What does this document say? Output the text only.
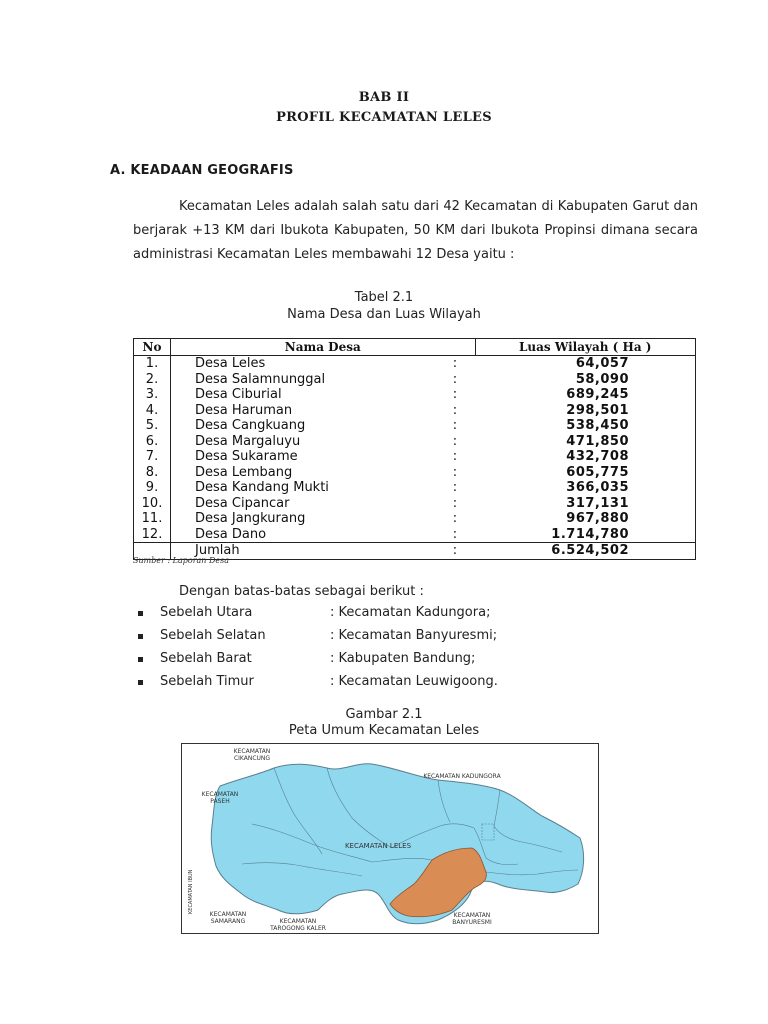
BAB II
PROFIL KECAMATAN LELES
A. KEADAAN GEOGRAFIS
Kecamatan Leles adalah salah satu dari 42 Kecamatan di Kabupaten Garut dan berjarak +13 KM dari Ibukota Kabupaten, 50 KM dari Ibukota Propinsi dimana secara administrasi Kecamatan Leles membawahi 12 Desa yaitu :
Tabel 2.1
Nama Desa dan Luas Wilayah
No	Nama Desa		Luas Wilayah ( Ha )
1.	Desa Leles	:	64,057
2.	Desa Salamnunggal	:	58,090
3.	Desa Ciburial	:	689,245
4.	Desa Haruman	:	298,501
5.	Desa Cangkuang	:	538,450
6.	Desa Margaluyu	:	471,850
7.	Desa Sukarame	:	432,708
8.	Desa Lembang	:	605,775
9.	Desa Kandang Mukti	:	366,035
10.	Desa Cipancar	:	317,131
11.	Desa Jangkurang	:	967,880
12.	Desa Dano	:	1.714,780
	Jumlah	:	6.524,502
Sumber : Laporan Desa
Dengan batas-batas sebagai berikut :
Sebelah Utara	: Kecamatan Kadungora;
Sebelah Selatan	: Kecamatan Banyuresmi;
Sebelah Barat	: Kabupaten Bandung;
Sebelah Timur	: Kecamatan Leuwigoong.
Gambar 2.1
Peta Umum Kecamatan Leles
KECAMATAN
CIKANCUNG
KECAMATAN KADUNGORA
KECAMATAN
PASEH
KECAMATAN LELES
KECAMATAN
SAMARANG	KECAMATAN
TAROGONG KALER
KECAMATAN
BANYURESMI
KECAMATAN IBUN
